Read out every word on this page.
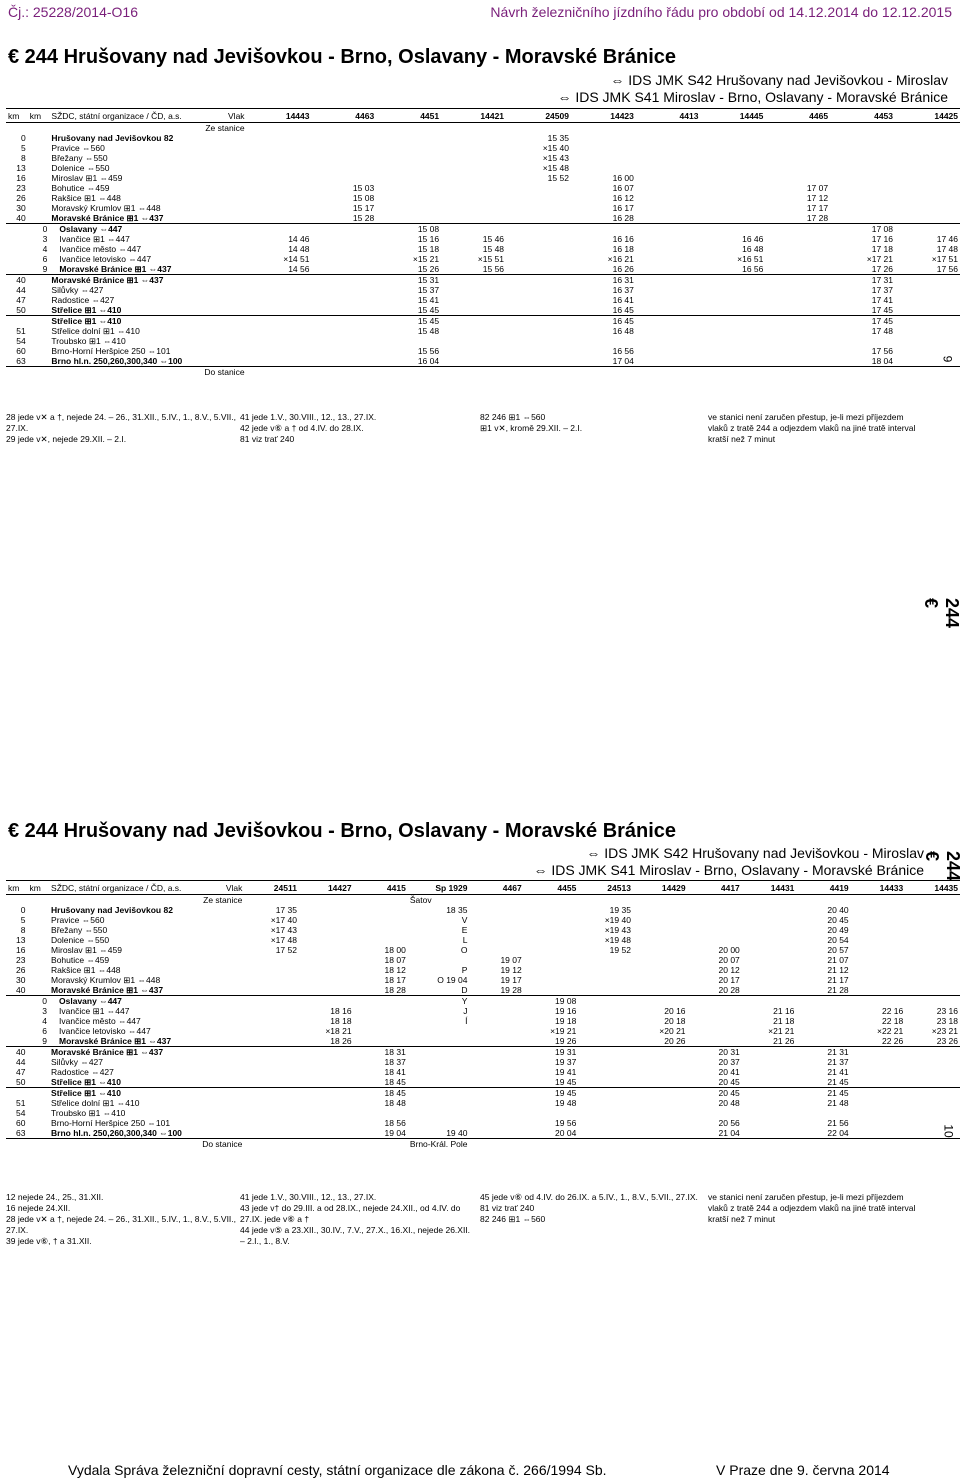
Čj.: 25228/2014-O16	Návrh železničního jízdního řádu pro období od 14.12.2014 do 12.12.2015
€ 244 Hrušovany nad Jevišovkou - Brno, Oslavany - Moravské Bránice
⇔ IDS JMK S42 Hrušovany nad Jevišovkou - Miroslav
⇔ IDS JMK S41 Miroslav - Brno, Oslavany - Moravské Bránice
km	km	SŽDC, státní organizace / ČD, a.s. Vlak	14443	4463	4451	14421	24509	14423	4413	14445	4465	4453	14425
		Ze stanice											
0		Hrušovany nad Jevišovkou 82					15 35						
5		Pravice ⇔560					×15 40						
8		Břežany ⇔550					×15 43						
13		Dolenice ⇔550					×15 48						
16		Miroslav ⊞1 ⇔459					15 52	16 00					
23		Bohutice ⇔459		15 03				16 07			17 07		
26		Rakšice ⊞1 ⇔448		15 08				16 12			17 12		
30		Moravský Krumlov ⊞1 ⇔448		15 17				16 17			17 17		
40		Moravské Bránice ⊞1 ⇔437		15 28				16 28			17 28		
	0	Oslavany ⇔447			15 08							17 08	
	3	Ivančice ⊞1 ⇔447	14 46		15 16	15 46		16 16		16 46		17 16	17 46
	4	Ivančice město ⇔447	14 48		15 18	15 48		16 18		16 48		17 18	17 48
	6	Ivančice letovisko ⇔447	×14 51		×15 21	×15 51		×16 21		×16 51		×17 21	×17 51
	9	Moravské Bránice ⊞1 ⇔437	14 56		15 26	15 56		16 26		16 56		17 26	17 56
40		Moravské Bránice ⊞1 ⇔437			15 31			16 31				17 31	
44		Silůvky ⇔427			15 37			16 37				17 37	
47		Radostice ⇔427			15 41			16 41				17 41	
50		Střelice ⊞1 ⇔410			15 45			16 45				17 45	
		Střelice ⊞1 ⇔410			15 45			16 45				17 45	
51		Střelice dolní ⊞1 ⇔410			15 48			16 48				17 48	
54		Troubsko ⊞1 ⇔410											
60		Brno-Horní Heršpice 250 ⇔101			15 56			16 56				17 56	
63		Brno hl.n. 250,260,300,340 ⇔100			16 04			17 04				18 04	
		Do stanice											
28 jede v✕ a †, nejede 24. – 26., 31.XII., 5.IV., 1., 8.V., 5.VII., 27.IX.
29 jede v✕, nejede 29.XII. – 2.I.
41 jede 1.V., 30.VIII., 12., 13., 27.IX.
42 jede v⑥ a † od 4.IV. do 28.IX.
81 viz trať 240
82 246 ⊞1 ⇔560
⊞1 v✕, kromě 29.XII. – 2.I.
ve stanici není zaručen přestup, je-li mezi příjezdem vlaků z tratě 244 a odjezdem vlaků na jiné tratě interval kratší než 7 minut
9
244 €
€ 244 Hrušovany nad Jevišovkou - Brno, Oslavany - Moravské Bránice
⇔ IDS JMK S42 Hrušovany nad Jevišovkou - Miroslav
⇔ IDS JMK S41 Miroslav - Brno, Oslavany - Moravské Bránice	244 €
km	km	SŽDC, státní organizace / ČD, a.s. Vlak	24511	14427	4415	Sp 1929	4467	4455	24513	14429	4417	14431	4419	14433	14435
		Ze stanice				Šatov									
0		Hrušovany nad Jevišovkou 82	17 35			18 35			19 35				20 40		
5		Pravice ⇔560	×17 40			V			×19 40				20 45		
8		Břežany ⇔550	×17 43			E			×19 43				20 49		
13		Dolenice ⇔550	×17 48			L			×19 48				20 54		
16		Miroslav ⊞1 ⇔459	17 52		18 00	O			19 52		20 00		20 57		
23		Bohutice ⇔459			18 07		19 07				20 07		21 07		
26		Rakšice ⊞1 ⇔448			18 12	P	19 12				20 12		21 12		
30		Moravský Krumlov ⊞1 ⇔448			18 17	O 19 04	19 17				20 17		21 17		
40		Moravské Bránice ⊞1 ⇔437			18 28	D	19 28				20 28		21 28		
	0	Oslavany ⇔447				Y		19 08							
	3	Ivančice ⊞1 ⇔447		18 16		J		19 16		20 16		21 16		22 16	23 16
	4	Ivančice město ⇔447		18 18		Í		19 18		20 18		21 18		22 18	23 18
	6	Ivančice letovisko ⇔447		×18 21				×19 21		×20 21		×21 21		×22 21	×23 21
	9	Moravské Bránice ⊞1 ⇔437		18 26				19 26		20 26		21 26		22 26	23 26
40		Moravské Bránice ⊞1 ⇔437			18 31			19 31			20 31		21 31		
44		Silůvky ⇔427			18 37			19 37			20 37		21 37		
47		Radostice ⇔427			18 41			19 41			20 41		21 41		
50		Střelice ⊞1 ⇔410			18 45			19 45			20 45		21 45		
		Střelice ⊞1 ⇔410			18 45			19 45			20 45		21 45		
51		Střelice dolní ⊞1 ⇔410			18 48			19 48			20 48		21 48		
54		Troubsko ⊞1 ⇔410													
60		Brno-Horní Heršpice 250 ⇔101			18 56			19 56			20 56		21 56		
63		Brno hl.n. 250,260,300,340 ⇔100			19 04	19 40		20 04			21 04		22 04		
		Do stanice				Brno-Král. Pole									
12 nejede 24., 25., 31.XII.
16 nejede 24.XII.
28 jede v✕ a †, nejede 24. – 26., 31.XII., 5.IV., 1., 8.V., 5.VII., 27.IX.
39 jede v⑥, † a 31.XII.
41 jede 1.V., 30.VIII., 12., 13., 27.IX.
43 jede v† do 29.III. a od 28.IX., nejede 24.XII., od 4.IV. do 27.IX. jede v⑥ a †
44 jede v⑤ a 23.XII., 30.IV., 7.V., 27.X., 16.XI., nejede 26.XII. – 2.I., 1., 8.V.
45 jede v⑥ od 4.IV. do 26.IX. a 5.IV., 1., 8.V., 5.VII., 27.IX.
81 viz trať 240
82 246 ⊞1 ⇔560
ve stanici není zaručen přestup, je-li mezi příjezdem vlaků z tratě 244 a odjezdem vlaků na jiné tratě interval kratší než 7 minut
10
Vydala Správa železniční dopravní cesty, státní organizace dle zákona č. 266/1994 Sb.	V Praze dne 9. června 2014
